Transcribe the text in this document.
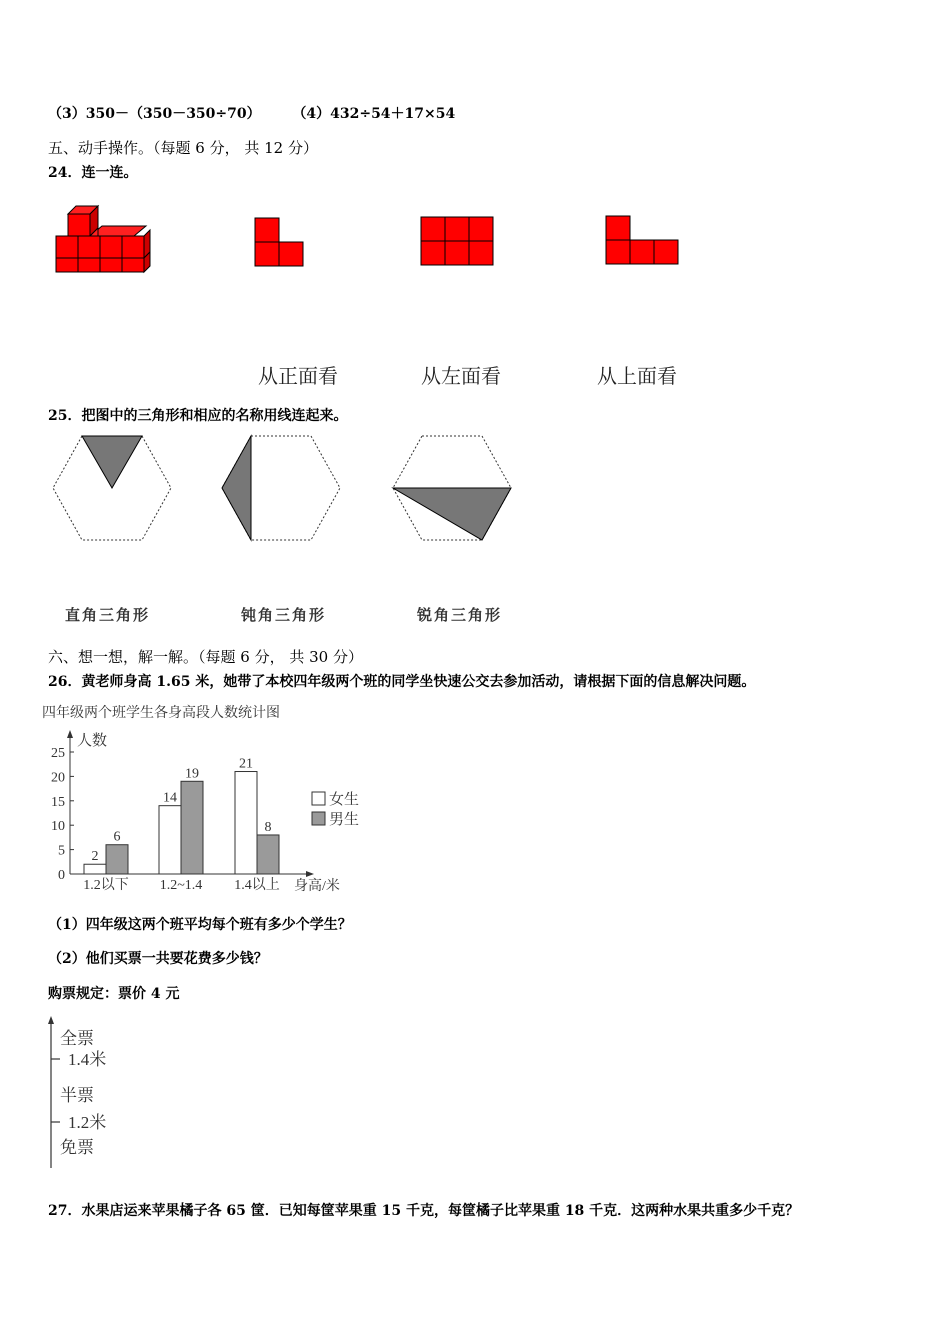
（3）350－（350－350÷70） （4）432÷54＋17×54
五、动手操作。（每题 6 分， 共 12 分）
24．连一连。
从正面看	从左面看	从上面看
25．把图中的三角形和相应的名称用线连起来。
直角三角形	钝角三角形	锐角三角形
六、想一想，解一解。（每题 6 分， 共 30 分）
26．黄老师身高 1.65 米，她带了本校四年级两个班的同学坐快速公交去参加活动，请根据下面的信息解决问题。
四年级两个班学生各身高段人数统计图
人数
身高/米
0
5
10
15
20
25
2
6
1.2以下
14
19
1.2~1.4
21
8
1.4以上
女生
男生
（1）四年级这两个班平均每个班有多少个学生？
（2）他们买票一共要花费多少钱？
购票规定：票价 4 元
全票
1.4米
半票
1.2米
免票
27．水果店运来苹果橘子各 65 筐．已知每筐苹果重 15 千克，每筐橘子比苹果重 18 千克．这两种水果共重多少千克？
